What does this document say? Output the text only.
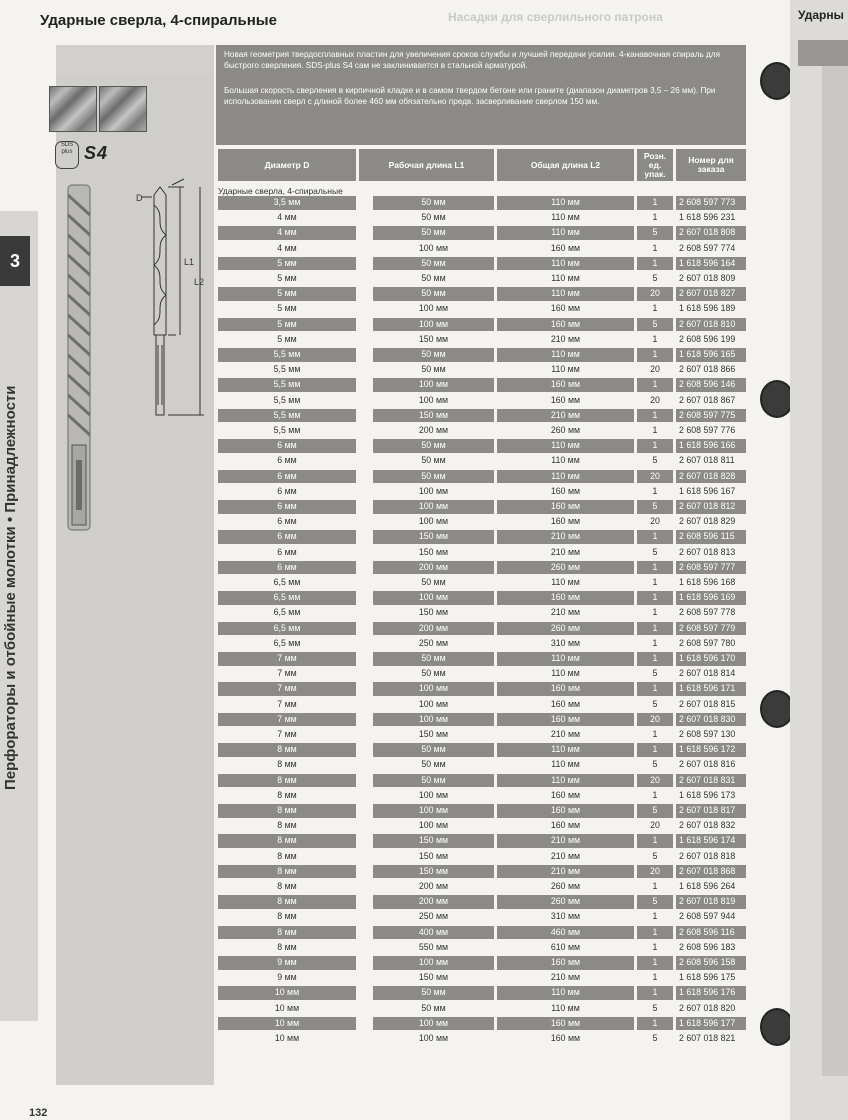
Ударные сверла, 4-спиральные	Насадки для сверлильного патрона
3
Перфораторы и отбойные молотки • Принадлежности
SDS plus S4
D
L1
L2

Новая геометрия твердосплавных пластин для увеличения сроков службы и лучшей передачи усилия. 4-канавочная спираль для быстрого сверления. SDS-plus S4 сам не заклинивается в стальной арматурой.

Большая скорость сверления в кирпичной кладке и в самом твердом бетоне или граните (диапазон диаметров 3,5 – 26 мм). При использовании сверл с длиной более 460 мм обязательно предв. засверливание сверлом 150 мм.

Диаметр D	Рабочая длина L1	Общая длина L2
Розн. ед. упак.
Номер для заказа
Ударные сверла, 4-спиральные
3,5 мм	50 мм	110 мм	1	2 608 597 773
4 мм	50 мм	110 мм	1	1 618 596 231
4 мм	50 мм	110 мм	5	2 607 018 808
4 мм	100 мм	160 мм	1	2 608 597 774
5 мм	50 мм	110 мм	1	1 618 596 164
5 мм	50 мм	110 мм	5	2 607 018 809
5 мм	50 мм	110 мм	20	2 607 018 827
5 мм	100 мм	160 мм	1	1 618 596 189
5 мм	100 мм	160 мм	5	2 607 018 810
5 мм	150 мм	210 мм	1	2 608 596 199
5,5 мм	50 мм	110 мм	1	1 618 596 165
5,5 мм	50 мм	110 мм	20	2 607 018 866
5,5 мм	100 мм	160 мм	1	2 608 596 146
5,5 мм	100 мм	160 мм	20	2 607 018 867
5,5 мм	150 мм	210 мм	1	2 608 597 775
5,5 мм	200 мм	260 мм	1	2 608 597 776
6 мм	50 мм	110 мм	1	1 618 596 166
6 мм	50 мм	110 мм	5	2 607 018 811
6 мм	50 мм	110 мм	20	2 607 018 828
6 мм	100 мм	160 мм	1	1 618 596 167
6 мм	100 мм	160 мм	5	2 607 018 812
6 мм	100 мм	160 мм	20	2 607 018 829
6 мм	150 мм	210 мм	1	2 608 596 115
6 мм	150 мм	210 мм	5	2 607 018 813
6 мм	200 мм	260 мм	1	2 608 597 777
6,5 мм	50 мм	110 мм	1	1 618 596 168
6,5 мм	100 мм	160 мм	1	1 618 596 169
6,5 мм	150 мм	210 мм	1	2 608 597 778
6,5 мм	200 мм	260 мм	1	2 608 597 779
6,5 мм	250 мм	310 мм	1	2 608 597 780
7 мм	50 мм	110 мм	1	1 618 596 170
7 мм	50 мм	110 мм	5	2 607 018 814
7 мм	100 мм	160 мм	1	1 618 596 171
7 мм	100 мм	160 мм	5	2 607 018 815
7 мм	100 мм	160 мм	20	2 607 018 830
7 мм	150 мм	210 мм	1	2 608 597 130
8 мм	50 мм	110 мм	1	1 618 596 172
8 мм	50 мм	110 мм	5	2 607 018 816
8 мм	50 мм	110 мм	20	2 607 018 831
8 мм	100 мм	160 мм	1	1 618 596 173
8 мм	100 мм	160 мм	5	2 607 018 817
8 мм	100 мм	160 мм	20	2 607 018 832
8 мм	150 мм	210 мм	1	1 618 596 174
8 мм	150 мм	210 мм	5	2 607 018 818
8 мм	150 мм	210 мм	20	2 607 018 868
8 мм	200 мм	260 мм	1	1 618 596 264
8 мм	200 мм	260 мм	5	2 607 018 819
8 мм	250 мм	310 мм	1	2 608 597 944
8 мм	400 мм	460 мм	1	2 608 596 116
8 мм	550 мм	610 мм	1	2 608 596 183
9 мм	100 мм	160 мм	1	2 608 596 158
9 мм	150 мм	210 мм	1	1 618 596 175
10 мм	50 мм	110 мм	1	1 618 596 176
10 мм	50 мм	110 мм	5	2 607 018 820
10 мм	100 мм	160 мм	1	1 618 596 177
10 мм	100 мм	160 мм	5	2 607 018 821
132
Ударны
